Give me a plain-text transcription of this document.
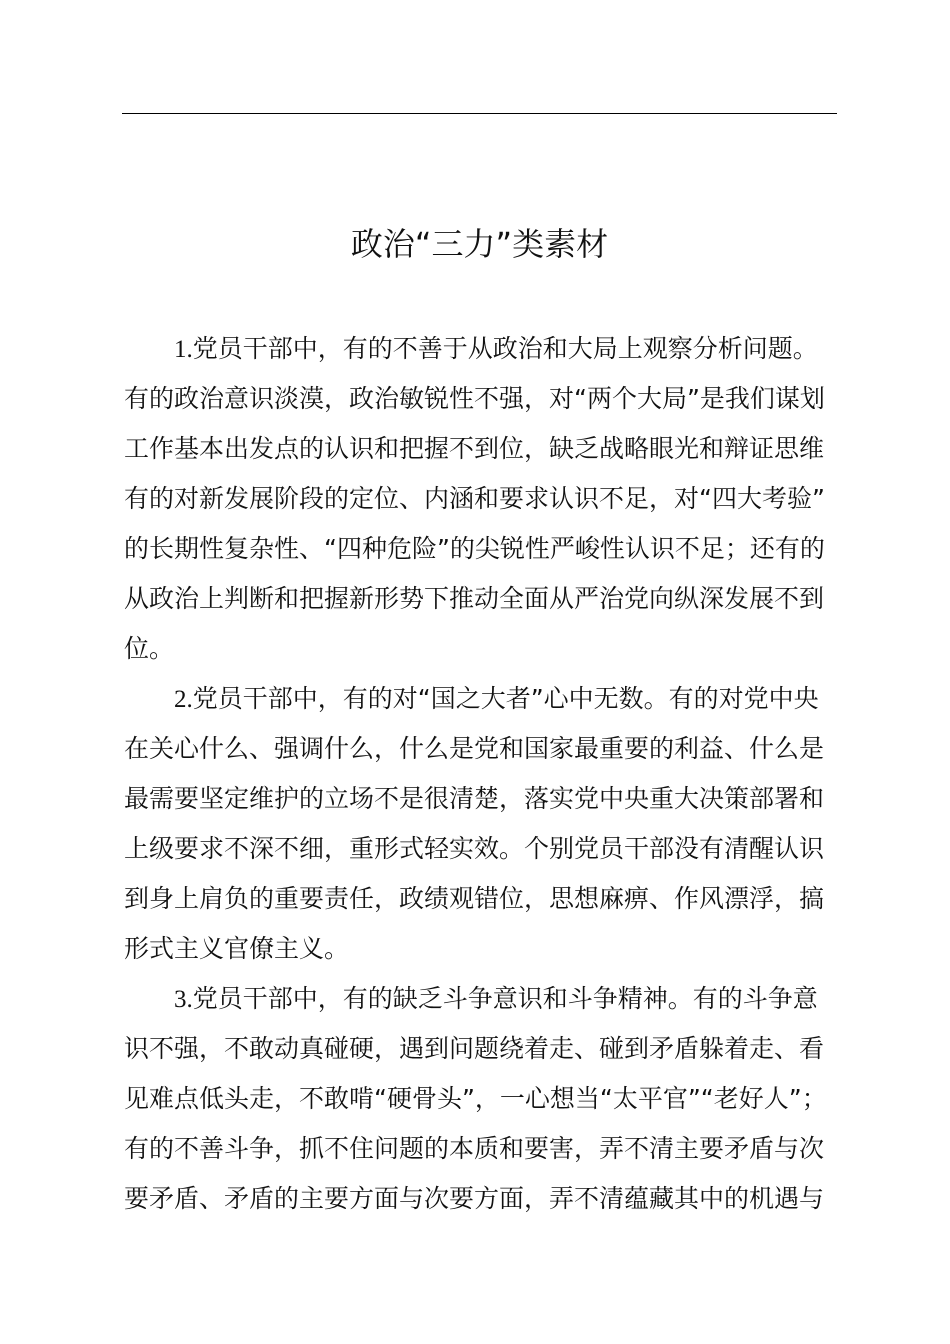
政治“三力”类素材
1.党员干部中，有的不善于从政治和大局上观察分析问题。
有的政治意识淡漠，政治敏锐性不强，对“两个大局”是我们谋划
工作基本出发点的认识和把握不到位，缺乏战略眼光和辩证思维
有的对新发展阶段的定位、内涵和要求认识不足，对“四大考验”
的长期性复杂性、“四种危险”的尖锐性严峻性认识不足；还有的
从政治上判断和把握新形势下推动全面从严治党向纵深发展不到
位。
2.党员干部中，有的对“国之大者”心中无数。有的对党中央
在关心什么、强调什么，什么是党和国家最重要的利益、什么是
最需要坚定维护的立场不是很清楚，落实党中央重大决策部署和
上级要求不深不细，重形式轻实效。个别党员干部没有清醒认识
到身上肩负的重要责任，政绩观错位，思想麻痹、作风漂浮，搞
形式主义官僚主义。
3.党员干部中，有的缺乏斗争意识和斗争精神。有的斗争意
识不强，不敢动真碰硬，遇到问题绕着走、碰到矛盾躲着走、看
见难点低头走，不敢啃“硬骨头”，一心想当“太平官”“老好人”；
有的不善斗争，抓不住问题的本质和要害，弄不清主要矛盾与次
要矛盾、矛盾的主要方面与次要方面，弄不清蕴藏其中的机遇与
